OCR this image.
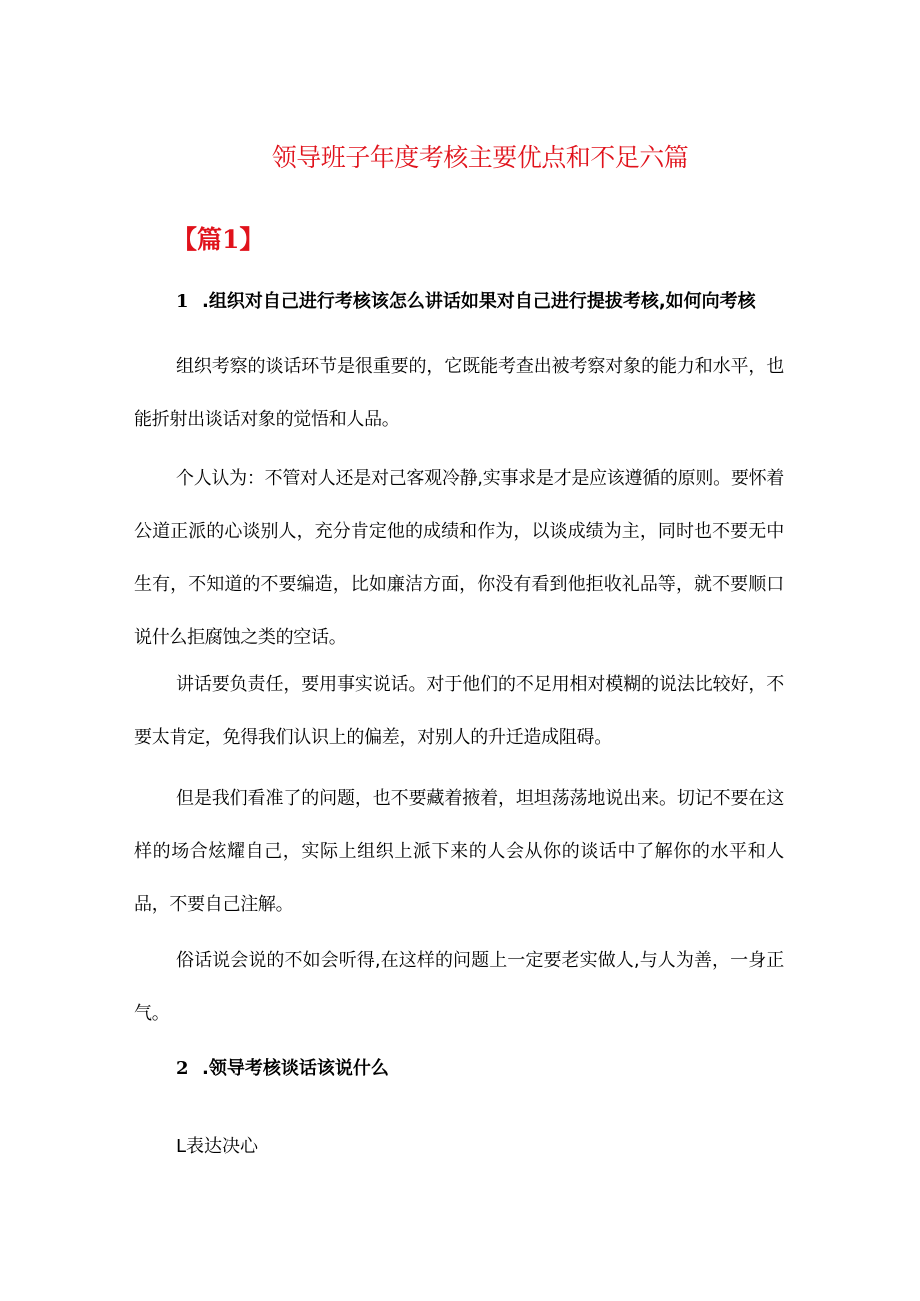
领导班子年度考核主要优点和不足六篇
【篇1】
1 .组织对自己进行考核该怎么讲话如果对自己进行提拔考核,如何向考核
组织考察的谈话环节是很重要的，它既能考查出被考察对象的能力和水平，也能折射出谈话对象的觉悟和人品。
个人认为：不管对人还是对己客观冷静,实事求是才是应该遵循的原则。要怀着公道正派的心谈别人，充分肯定他的成绩和作为，以谈成绩为主，同时也不要无中生有，不知道的不要编造，比如廉洁方面，你没有看到他拒收礼品等，就不要顺口说什么拒腐蚀之类的空话。
讲话要负责任，要用事实说话。对于他们的不足用相对模糊的说法比较好，不要太肯定，免得我们认识上的偏差，对别人的升迁造成阻碍。
但是我们看准了的问题，也不要藏着掖着，坦坦荡荡地说出来。切记不要在这样的场合炫耀自己，实际上组织上派下来的人会从你的谈话中了解你的水平和人品，不要自己注解。
俗话说会说的不如会听得,在这样的问题上一定要老实做人,与人为善，一身正气。
2 .领导考核谈话该说什么
L表达决心
